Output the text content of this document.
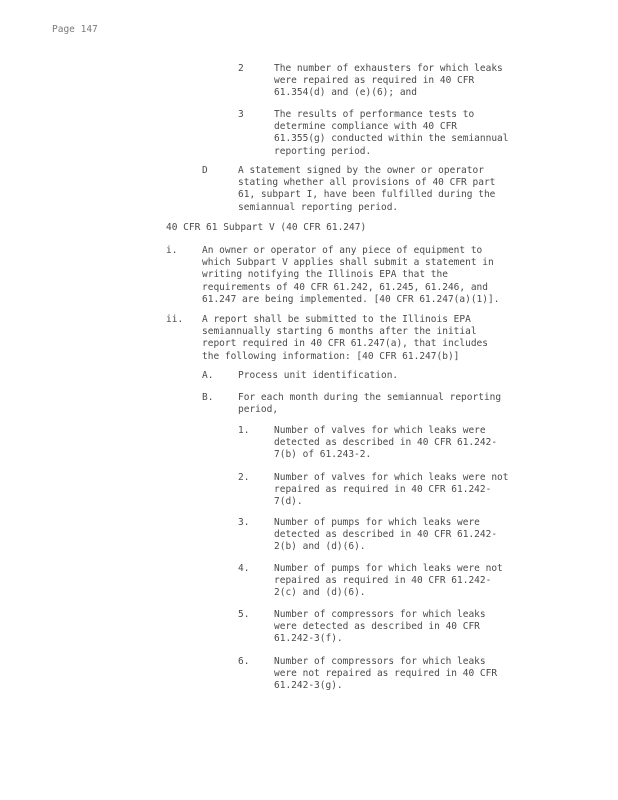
Page 147
2	The number of exhausters for which leaks
were repaired as required in 40 CFR
61.354(d) and (e)(6); and
3	The results of performance tests to
determine compliance with 40 CFR
61.355(g) conducted within the semiannual
reporting period.
D	A statement signed by the owner or operator
stating whether all provisions of 40 CFR part
61, subpart I, have been fulfilled during the
semiannual reporting period.
40 CFR 61 Subpart V (40 CFR 61.247)
i.	An owner or operator of any piece of equipment to
which Subpart V applies shall submit a statement in
writing notifying the Illinois EPA that the
requirements of 40 CFR 61.242, 61.245, 61.246, and
61.247 are being implemented. [40 CFR 61.247(a)(1)].
ii.	A report shall be submitted to the Illinois EPA
semiannually starting 6 months after the initial
report required in 40 CFR 61.247(a), that includes
the following information: [40 CFR 61.247(b)]
A.	Process unit identification.
B.	For each month during the semiannual reporting
period,
1.	Number of valves for which leaks were
detected as described in 40 CFR 61.242-
7(b) of 61.243-2.
2.	Number of valves for which leaks were not
repaired as required in 40 CFR 61.242-
7(d).
3.	Number of pumps for which leaks were
detected as described in 40 CFR 61.242-
2(b) and (d)(6).
4.	Number of pumps for which leaks were not
repaired as required in 40 CFR 61.242-
2(c) and (d)(6).
5.	Number of compressors for which leaks
were detected as described in 40 CFR
61.242-3(f).
6.	Number of compressors for which leaks
were not repaired as required in 40 CFR
61.242-3(g).
